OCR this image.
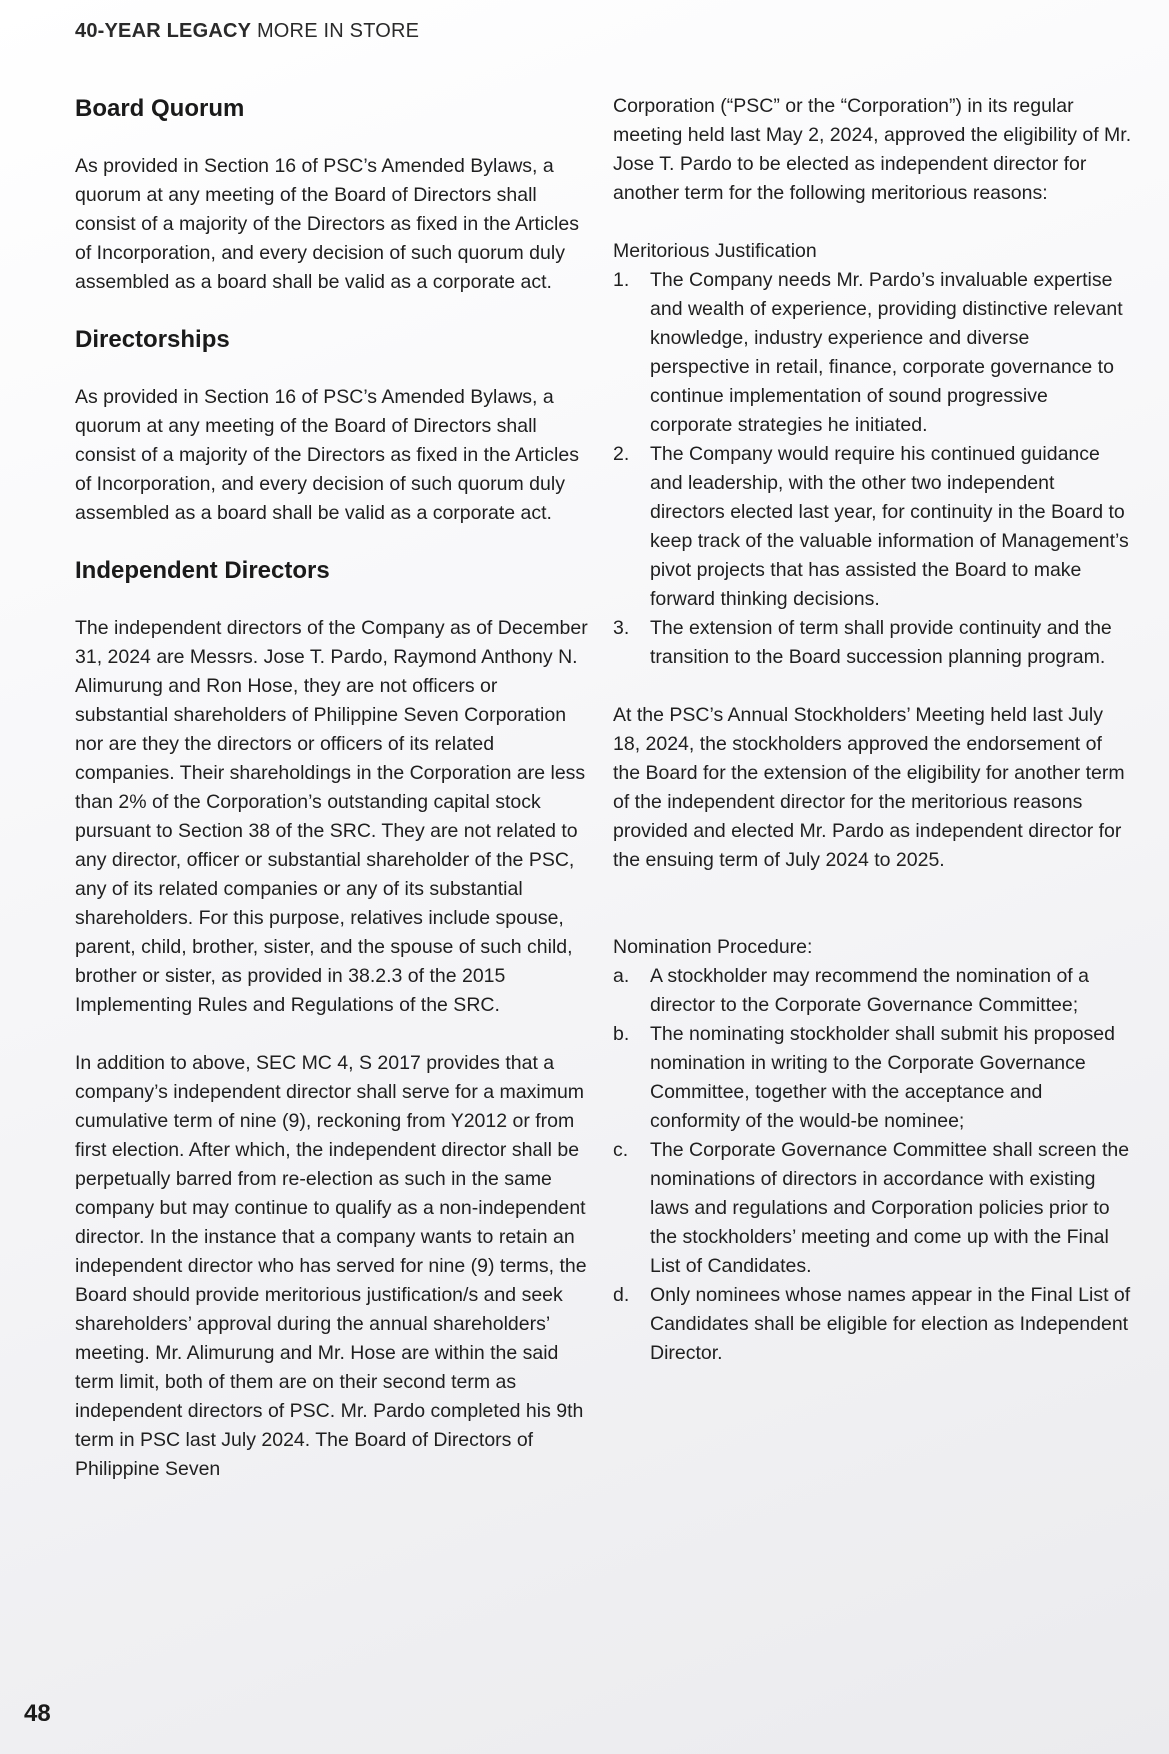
40-YEAR LEGACY MORE IN STORE
Board Quorum

As provided in Section 16 of PSC’s Amended Bylaws, a quorum at any meeting of the Board of Directors shall consist of a majority of the Directors as fixed in the Articles of Incorporation, and every decision of such quorum duly assembled as a board shall be valid as a corporate act.

Directorships

As provided in Section 16 of PSC’s Amended Bylaws, a quorum at any meeting of the Board of Directors shall consist of a majority of the Directors as fixed in the Articles of Incorporation, and every decision of such quorum duly assembled as a board shall be valid as a corporate act.

Independent Directors

The independent directors of the Company as of December 31, 2024 are Messrs. Jose T. Pardo, Raymond Anthony N. Alimurung and Ron Hose, they are not officers or substantial shareholders of Philippine Seven Corporation nor are they the directors or officers of its related companies. Their shareholdings in the Corporation are less than 2% of the Corporation’s outstanding capital stock pursuant to Section 38 of the SRC. They are not related to any director, officer or substantial shareholder of the PSC, any of its related companies or any of its substantial shareholders. For this purpose, relatives include spouse, parent, child, brother, sister, and the spouse of such child, brother or sister, as provided in 38.2.3 of the 2015 Implementing Rules and Regulations of the SRC.

In addition to above, SEC MC 4, S 2017 provides that a company’s independent director shall serve for a maximum cumulative term of nine (9), reckoning from Y2012 or from first election. After which, the independent director shall be perpetually barred from re-election as such in the same company but may continue to qualify as a non-independent director. In the instance that a company wants to retain an independent director who has served for nine (9) terms, the Board should provide meritorious justification/s and seek shareholders’ approval during the annual shareholders’ meeting. Mr. Alimurung and Mr. Hose are within the said term limit, both of them are on their second term as independent directors of PSC. Mr. Pardo completed his 9th term in PSC last July 2024. The Board of Directors of Philippine Seven

Corporation (“PSC” or the “Corporation”) in its regular meeting held last May 2, 2024, approved the eligibility of Mr. Jose T. Pardo to be elected as independent director for another term for the following meritorious reasons:

Meritorious Justification

1.	The Company needs Mr. Pardo’s invaluable expertise and wealth of experience, providing distinctive relevant knowledge, industry experience and diverse perspective in retail, finance, corporate governance to continue implementation of sound progressive corporate strategies he initiated.
2.	The Company would require his continued guidance and leadership, with the other two independent directors elected last year, for continuity in the Board to keep track of the valuable information of Management’s pivot projects that has assisted the Board to make forward thinking decisions.
3.	The extension of term shall provide continuity and the transition to the Board succession planning program.

At the PSC’s Annual Stockholders’ Meeting held last July 18, 2024, the stockholders approved the endorsement of the Board for the extension of the eligibility for another term of the independent director for the meritorious reasons provided and elected Mr. Pardo as independent director for the ensuing term of July 2024 to 2025.

Nomination Procedure:

a.	A stockholder may recommend the nomination of a director to the Corporate Governance Committee;
b.	The nominating stockholder shall submit his proposed nomination in writing to the Corporate Governance Committee, together with the acceptance and conformity of the would-be nominee;
c.	The Corporate Governance Committee shall screen the nominations of directors in accordance with existing laws and regulations and Corporation policies prior to the stockholders’ meeting and come up with the Final List of Candidates.
d.	Only nominees whose names appear in the Final List of Candidates shall be eligible for election as Independent Director.
48
